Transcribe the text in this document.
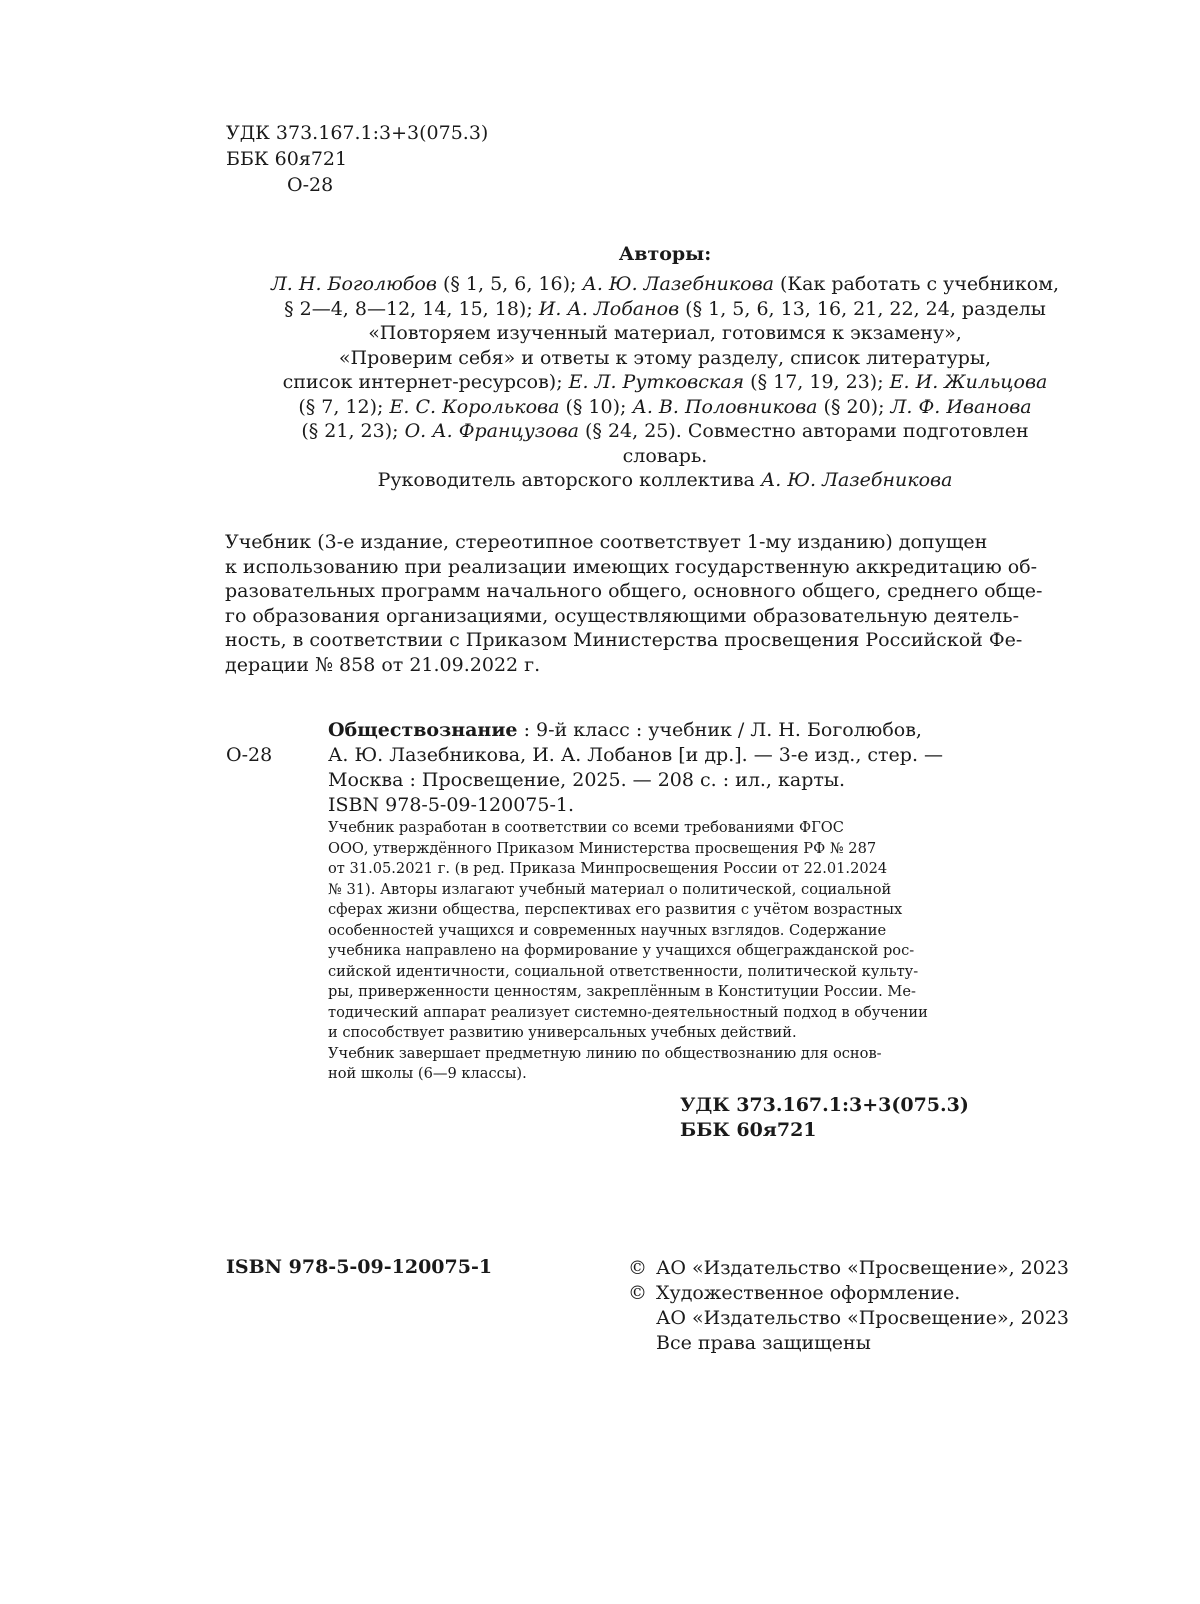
УДК 373.167.1:3+3(075.3)
ББК 60я721
О-28
Авторы:
Л. Н. Боголюбов (§ 1, 5, 6, 16); А. Ю. Лазебникова (Как работать с учебником,
§ 2—4, 8—12, 14, 15, 18); И. А. Лобанов (§ 1, 5, 6, 13, 16, 21, 22, 24, разделы
«Повторяем изученный материал, готовимся к экзамену»,
«Проверим себя» и ответы к этому разделу, список литературы,
список интернет-ресурсов); Е. Л. Рутковская (§ 17, 19, 23); Е. И. Жильцова
(§ 7, 12); Е. С. Королькова (§ 10); А. В. Половникова (§ 20); Л. Ф. Иванова
(§ 21, 23); О. А. Французова (§ 24, 25). Совместно авторами подготовлен
словарь.
Руководитель авторского коллектива А. Ю. Лазебникова
Учебник (3-е издание, стереотипное соответствует 1-му изданию) допущен
к использованию при реализации имеющих государственную аккредитацию об-
разовательных программ начального общего, основного общего, среднего обще-
го образования организациями, осуществляющими образовательную деятель-
ность, в соответствии с Приказом Министерства просвещения Российской Фе-
дерации № 858 от 21.09.2022 г.
О-28
Обществознание : 9-й класс : учебник / Л. Н. Боголюбов,
А. Ю. Лазебникова, И. А. Лобанов [и др.]. — 3-е изд., стер. —
Москва : Просвещение, 2025. — 208 с. : ил., карты.
ISBN 978-5-09-120075-1.
Учебник разработан в соответствии со всеми требованиями ФГОС
ООО, утверждённого Приказом Министерства просвещения РФ № 287
от 31.05.2021 г. (в ред. Приказа Минпросвещения России от 22.01.2024
№ 31). Авторы излагают учебный материал о политической, социальной
сферах жизни общества, перспективах его развития с учётом возрастных
особенностей учащихся и современных научных взглядов. Содержание
учебника направлено на формирование у учащихся общегражданской рос-
сийской идентичности, социальной ответственности, политической культу-
ры, приверженности ценностям, закреплённым в Конституции России. Ме-
тодический аппарат реализует системно-деятельностный подход в обучении
и способствует развитию универсальных учебных действий.
Учебник завершает предметную линию по обществознанию для основ-
ной школы (6—9 классы).
УДК 373.167.1:3+3(075.3)
ББК 60я721
ISBN 978-5-09-120075-1	© АО «Издательство «Просвещение», 2023
© Художественное оформление.
АО «Издательство «Просвещение», 2023
Все права защищены
